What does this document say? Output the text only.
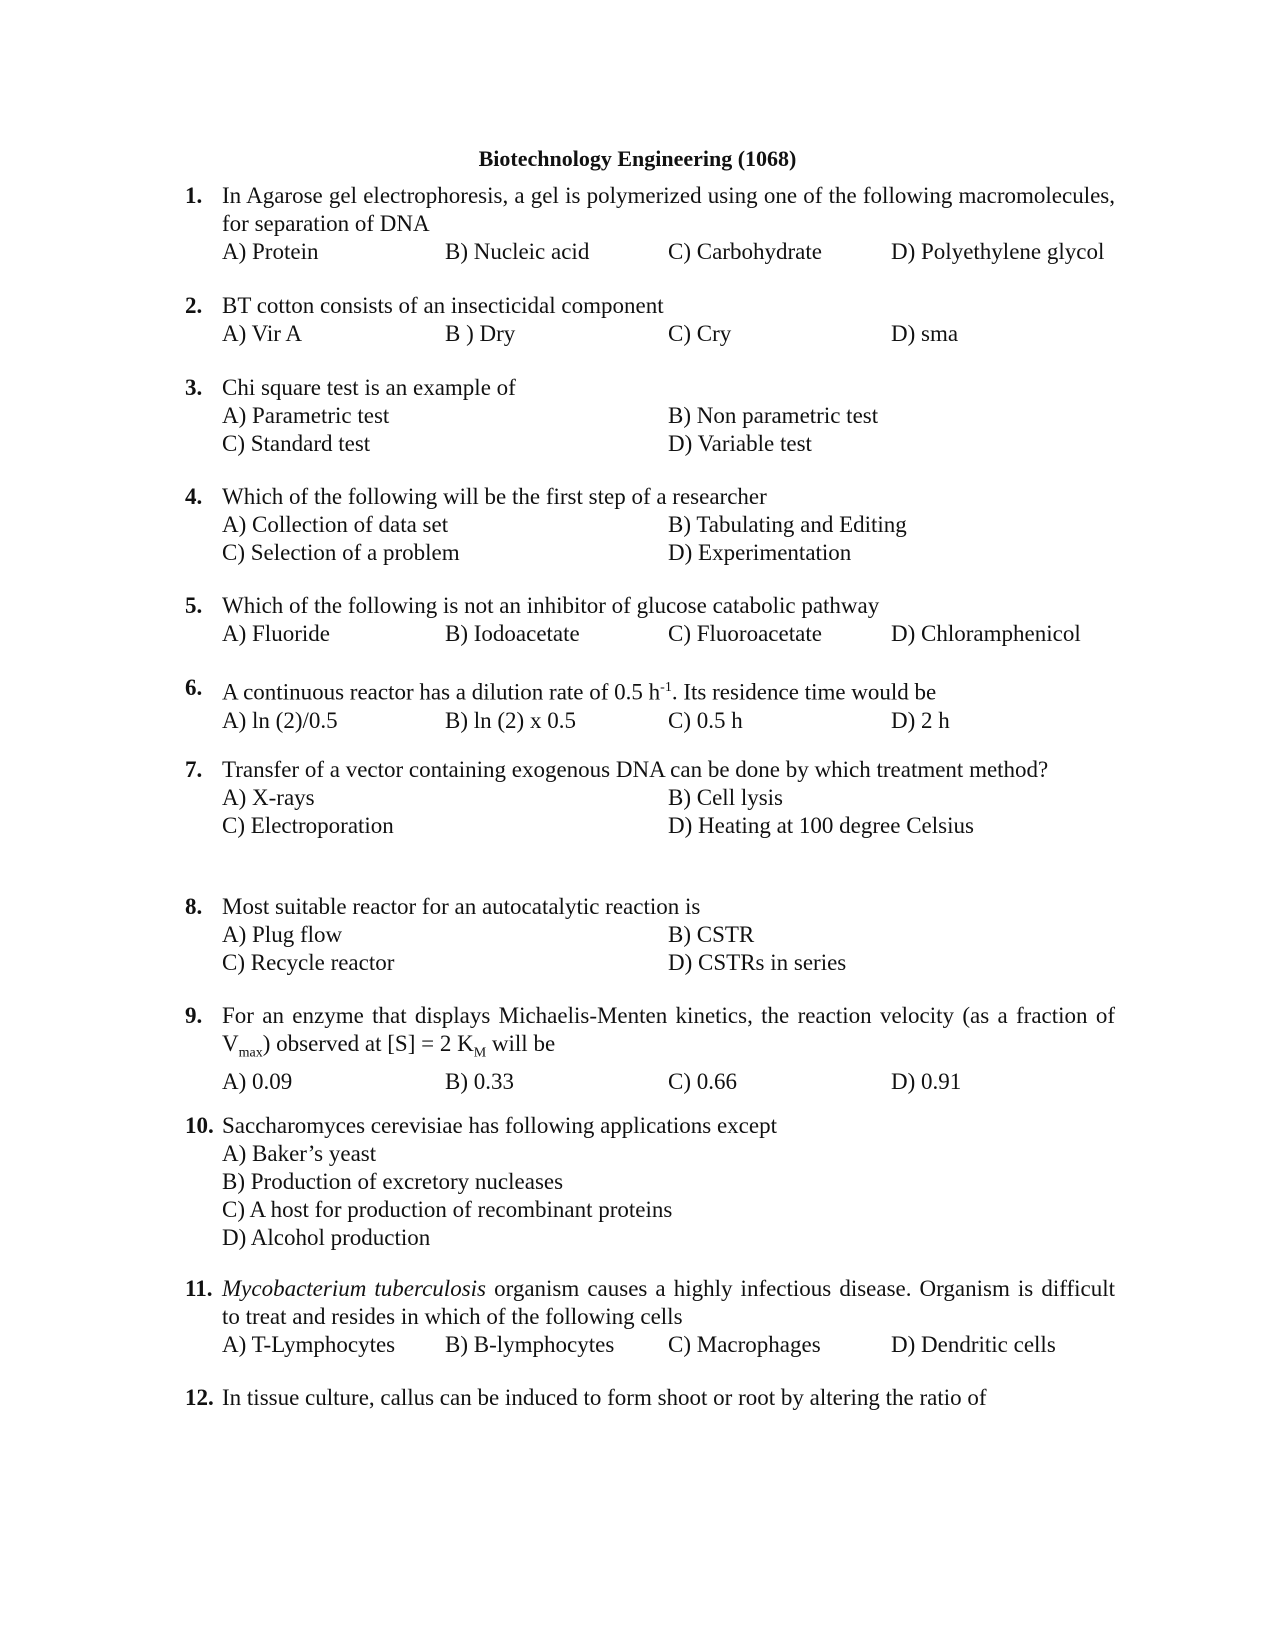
Biotechnology Engineering (1068)
1. In Agarose gel electrophoresis, a gel is polymerized using one of the following macromolecules, for separation of DNA
A) Protein	B) Nucleic acid	C) Carbohydrate	D) Polyethylene glycol
2. BT cotton consists of an insecticidal component
A) Vir A	B ) Dry	C) Cry	D) sma
3. Chi square test is an example of
A) Parametric test	B) Non parametric test
C) Standard test	D) Variable test
4. Which of the following will be the first step of a researcher
A) Collection of data set	B) Tabulating and Editing
C) Selection of a problem	D) Experimentation
5. Which of the following is not an inhibitor of glucose catabolic pathway
A) Fluoride	B) Iodoacetate	C) Fluoroacetate	D) Chloramphenicol
6. A continuous reactor has a dilution rate of 0.5 $h^{-1}$. Its residence time would be
A) ln (2)/0.5	B) ln (2) x 0.5	C) 0.5 h	D) 2 h
7. Transfer of a vector containing exogenous DNA can be done by which treatment method?
A) X-rays	B) Cell lysis
C) Electroporation	D) Heating at 100 degree Celsius
8. Most suitable reactor for an autocatalytic reaction is
A) Plug flow	B) CSTR
C) Recycle reactor	D) CSTRs in series
9. For an enzyme that displays Michaelis-Menten kinetics, the reaction velocity (as a fraction of $V_{max}$) observed at [S] = 2 $K_M$ will be
A) 0.09	B) 0.33	C) 0.66	D) 0.91
10. Saccharomyces cerevisiae has following applications except
A) Baker’s yeast
B) Production of excretory nucleases
C) A host for production of recombinant proteins
D) Alcohol production
11. Mycobacterium tuberculosis organism causes a highly infectious disease. Organism is difficult to treat and resides in which of the following cells
A) T-Lymphocytes B) B-lymphocytes C) Macrophages	D) Dendritic cells
12. In tissue culture, callus can be induced to form shoot or root by altering the ratio of
